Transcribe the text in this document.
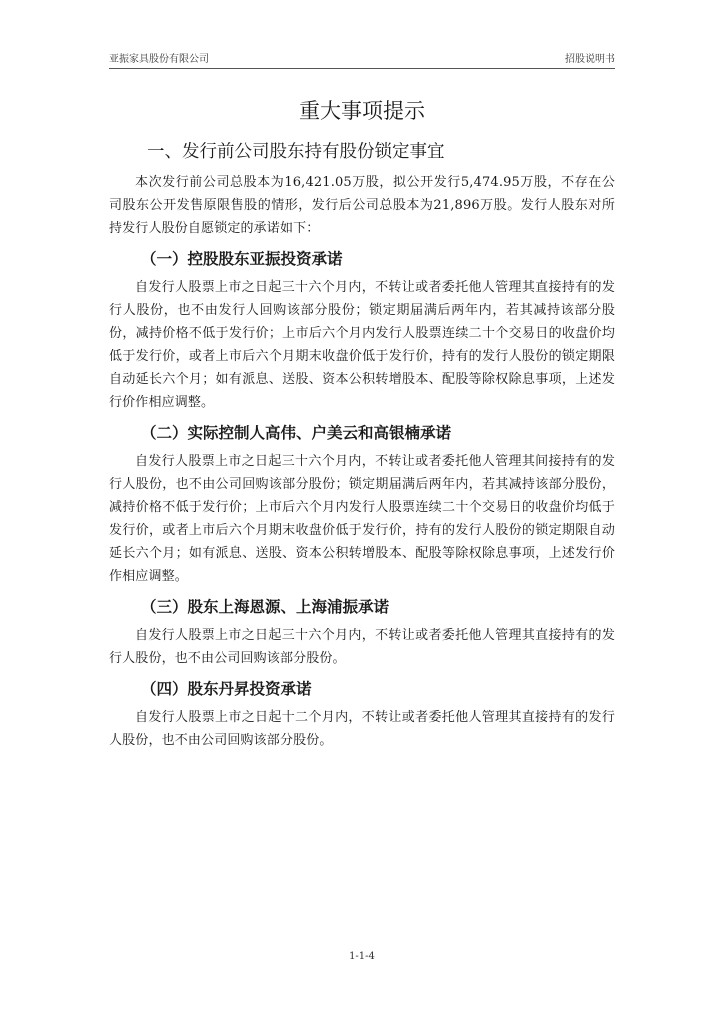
亚振家具股份有限公司	招股说明书
重大事项提示
一、发行前公司股东持有股份锁定事宜

本次发行前公司总股本为16,421.05万股，拟公开发行5,474.95万股，不存在公司股东公开发售原限售股的情形，发行后公司总股本为21,896万股。发行人股东对所持发行人股份自愿锁定的承诺如下：

（一）控股股东亚振投资承诺

自发行人股票上市之日起三十六个月内，不转让或者委托他人管理其直接持有的发行人股份，也不由发行人回购该部分股份；锁定期届满后两年内，若其减持该部分股份，减持价格不低于发行价；上市后六个月内发行人股票连续二十个交易日的收盘价均低于发行价，或者上市后六个月期末收盘价低于发行价，持有的发行人股份的锁定期限自动延长六个月；如有派息、送股、资本公积转增股本、配股等除权除息事项，上述发行价作相应调整。

（二）实际控制人高伟、户美云和高银楠承诺

自发行人股票上市之日起三十六个月内，不转让或者委托他人管理其间接持有的发行人股份，也不由公司回购该部分股份；锁定期届满后两年内，若其减持该部分股份，减持价格不低于发行价；上市后六个月内发行人股票连续二十个交易日的收盘价均低于发行价，或者上市后六个月期末收盘价低于发行价，持有的发行人股份的锁定期限自动延长六个月；如有派息、送股、资本公积转增股本、配股等除权除息事项，上述发行价作相应调整。

（三）股东上海恩源、上海浦振承诺

自发行人股票上市之日起三十六个月内，不转让或者委托他人管理其直接持有的发行人股份，也不由公司回购该部分股份。

（四）股东丹昇投资承诺

自发行人股票上市之日起十二个月内，不转让或者委托他人管理其直接持有的发行人股份，也不由公司回购该部分股份。

1-1-4
